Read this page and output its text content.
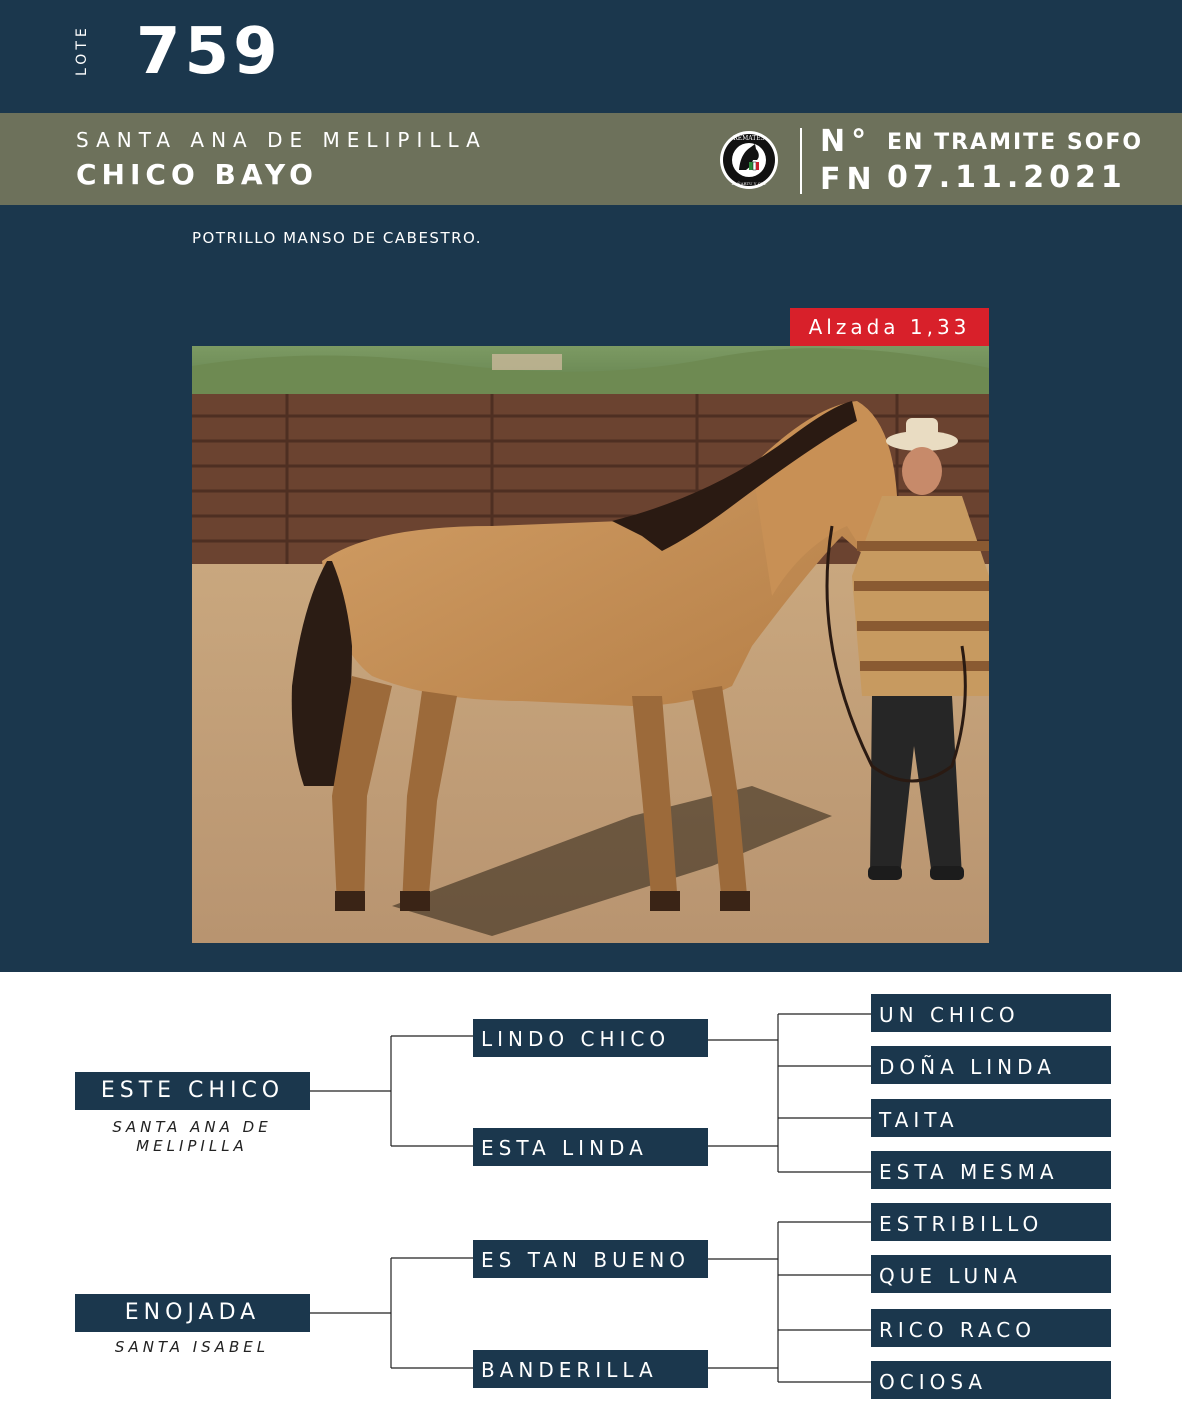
LOTE 759
SANTA ANA DE MELIPILLA
CHICO BAYO
REMATES
ZAÑARTU Y CIA.
N° EN TRAMITE SOFO
FN 07.11.2021
POTRILLO MANSO DE CABESTRO.
Alzada 1,33
ESTE CHICO
SANTA ANA DE MELIPILLA
ENOJADA
SANTA ISABEL
LINDO CHICO
ESTA LINDA
ES TAN BUENO
BANDERILLA
UN CHICO
DOÑA LINDA
TAITA
ESTA MESMA
ESTRIBILLO
QUE LUNA
RICO RACO
OCIOSA
